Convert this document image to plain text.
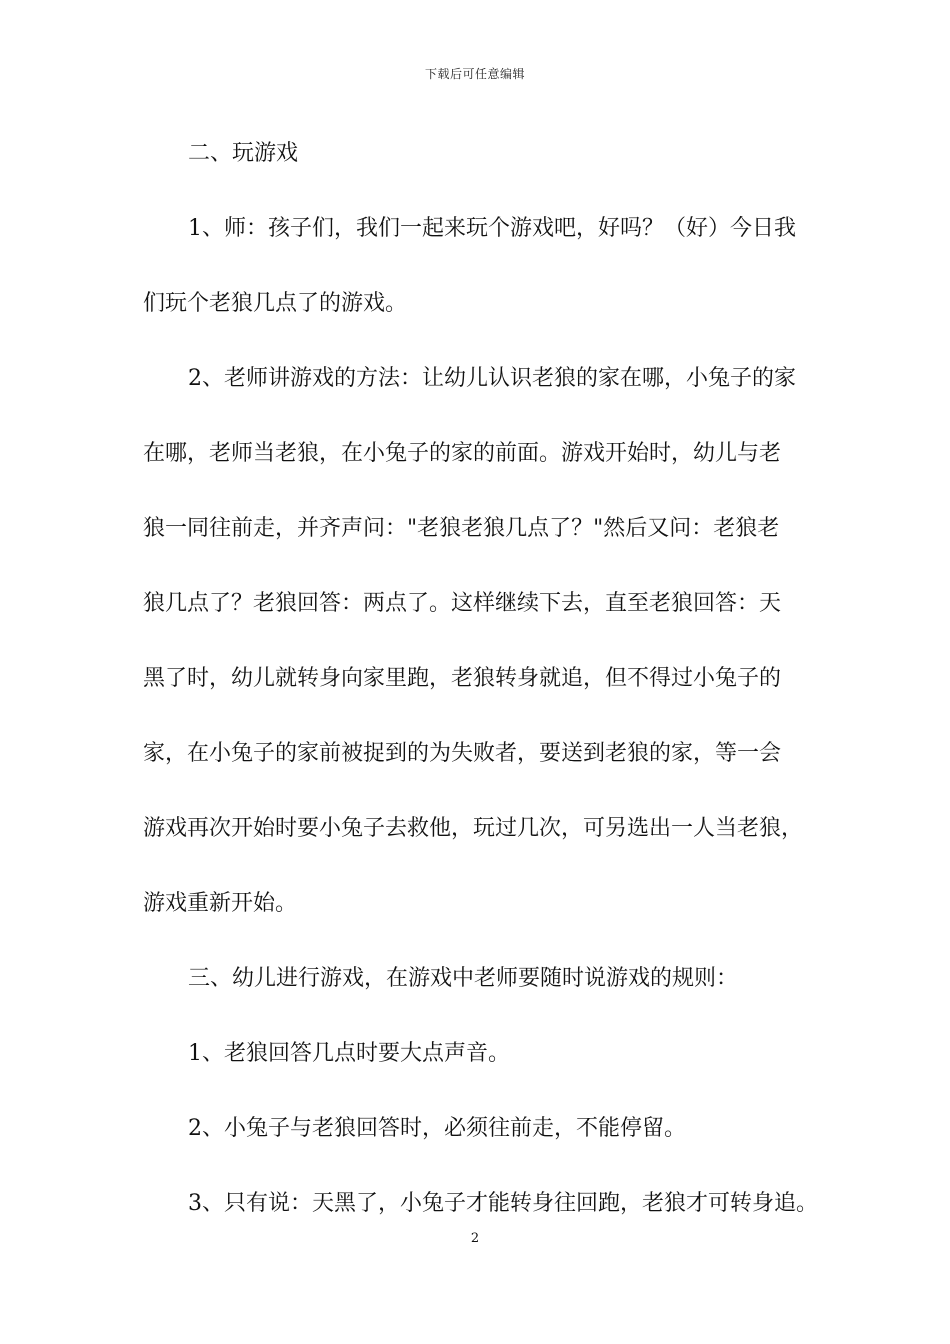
下载后可任意编辑
二、玩游戏
1、师：孩子们，我们一起来玩个游戏吧，好吗？（好）今日我
们玩个老狼几点了的游戏。
2、老师讲游戏的方法：让幼儿认识老狼的家在哪，小兔子的家
在哪，老师当老狼，在小兔子的家的前面。游戏开始时，幼儿与老
狼一同往前走，并齐声问："老狼老狼几点了？"然后又问：老狼老
狼几点了？老狼回答：两点了。这样继续下去，直至老狼回答：天
黑了时，幼儿就转身向家里跑，老狼转身就追，但不得过小兔子的
家，在小兔子的家前被捉到的为失败者，要送到老狼的家，等一会
游戏再次开始时要小兔子去救他，玩过几次，可另选出一人当老狼，
游戏重新开始。
三、幼儿进行游戏，在游戏中老师要随时说游戏的规则：
1、老狼回答几点时要大点声音。
2、小兔子与老狼回答时，必须往前走，不能停留。
3、只有说：天黑了，小兔子才能转身往回跑，老狼才可转身追。
2
